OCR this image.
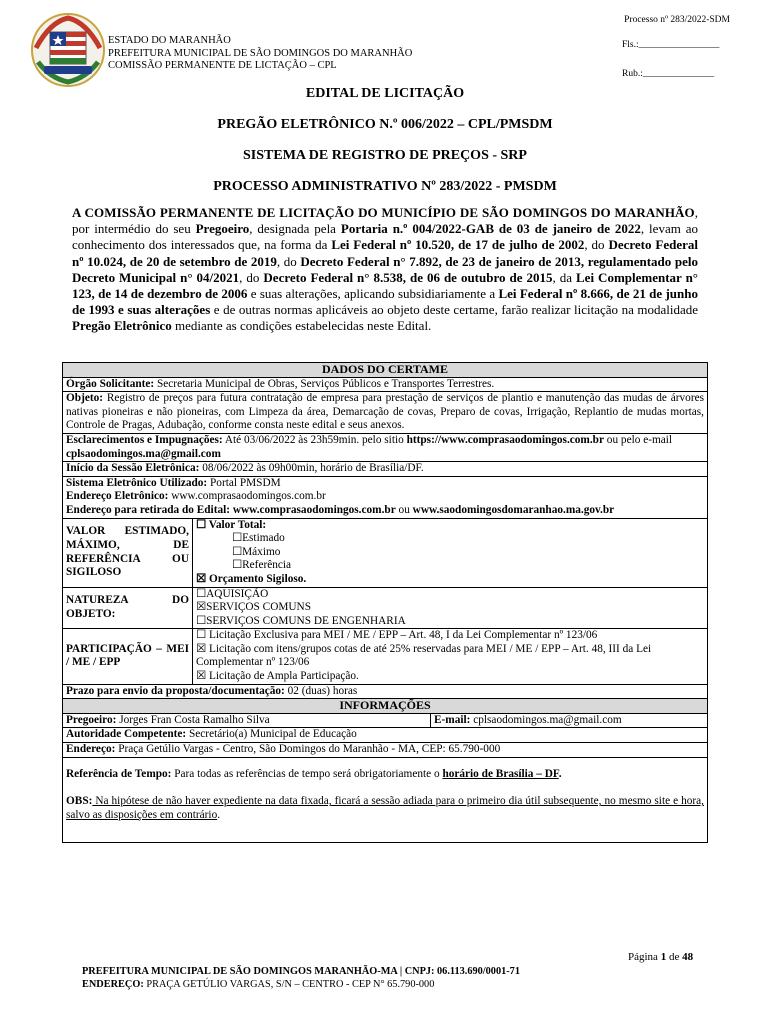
ESTADO DO MARANHÃO
PREFEITURA MUNICIPAL DE SÃO DOMINGOS DO MARANHÃO
COMISSÃO PERMANENTE DE LICTAÇÃO – CPL
Processo nº 283/2022-SDM
Fls.:_________________
Rub.:_______________
EDITAL DE LICITAÇÃO
PREGÃO ELETRÔNICO N.º 006/2022 – CPL/PMSDM
SISTEMA DE REGISTRO DE PREÇOS - SRP
PROCESSO ADMINISTRATIVO Nº 283/2022 - PMSDM
A COMISSÃO PERMANENTE DE LICITAÇÃO DO MUNICÍPIO DE SÃO DOMINGOS DO MARANHÃO, por intermédio do seu Pregoeiro, designada pela Portaria n.º 004/2022-GAB de 03 de janeiro de 2022, levam ao conhecimento dos interessados que, na forma da Lei Federal nº 10.520, de 17 de julho de 2002, do Decreto Federal nº 10.024, de 20 de setembro de 2019, do Decreto Federal n° 7.892, de 23 de janeiro de 2013, regulamentado pelo Decreto Municipal n° 04/2021, do Decreto Federal n° 8.538, de 06 de outubro de 2015, da Lei Complementar n° 123, de 14 de dezembro de 2006 e suas alterações, aplicando subsidiariamente a Lei Federal nº 8.666, de 21 de junho de 1993 e suas alterações e de outras normas aplicáveis ao objeto deste certame, farão realizar licitação na modalidade Pregão Eletrônico mediante as condições estabelecidas neste Edital.
DADOS DO CERTAME
Órgão Solicitante: Secretaria Municipal de Obras, Serviços Públicos e Transportes Terrestres.
Objeto: Registro de preços para futura contratação de empresa para prestação de serviços de plantio e manutenção das mudas de árvores nativas pioneiras e não pioneiras, com Limpeza da área, Demarcação de covas, Preparo de covas, Irrigação, Replantio de mudas mortas, Controle de Pragas, Adubação, conforme consta neste edital e seus anexos.
Esclarecimentos e Impugnações: Até 03/06/2022 às 23h59min. pelo sitio https://www.comprasaodomingos.com.br ou pelo e-mail cplsaodomingos.ma@gmail.com
Início da Sessão Eletrônica: 08/06/2022 às 09h00min, horário de Brasília/DF.
Sistema Eletrônico Utilizado: Portal PMSDM
Endereço Eletrônico: www.comprasaodomingos.com.br
Endereço para retirada do Edital: www.comprasaodomingos.com.br ou www.saodomingosdomaranhao.ma.gov.br
VALOR ESTIMADO, MÁXIMO, DE REFERÊNCIA OU SIGILOSO
☐ Valor Total:
☐Estimado
☐Máximo
☐Referência
☒ Orçamento Sigiloso.
NATUREZA DO OBJETO:
☐AQUISIÇÃO
☒SERVIÇOS COMUNS
☐SERVIÇOS COMUNS DE ENGENHARIA
PARTICIPAÇÃO – MEI / ME / EPP
☐ Licitação Exclusiva para MEI / ME / EPP – Art. 48, I da Lei Complementar nº 123/06
☒ Licitação com itens/grupos cotas de até 25% reservadas para MEI / ME / EPP – Art. 48, III da Lei Complementar nº 123/06
☒ Licitação de Ampla Participação.
Prazo para envio da proposta/documentação: 02 (duas) horas
INFORMAÇÕES
Pregoeiro: Jorges Fran Costa Ramalho Silva	E-mail: cplsaodomingos.ma@gmail.com
Autoridade Competente: Secretário(a) Municipal de Educação
Endereço: Praça Getúlio Vargas - Centro, São Domingos do Maranhão - MA, CEP: 65.790-000
Referência de Tempo: Para todas as referências de tempo será obrigatoriamente o horário de Brasília – DF.
OBS: Na hipótese de não haver expediente na data fixada, ficará a sessão adiada para o primeiro dia útil subsequente, no mesmo site e hora, salvo as disposições em contrário.
Página 1 de 48
PREFEITURA MUNICIPAL DE SÃO DOMINGOS MARANHÃO-MA | CNPJ: 06.113.690/0001-71
ENDEREÇO: PRAÇA GETÚLIO VARGAS, S/N – CENTRO - CEP N° 65.790-000
